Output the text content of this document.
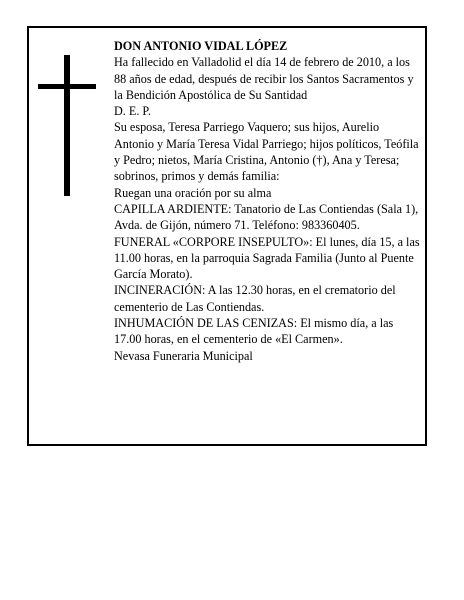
DON ANTONIO VIDAL LÓPEZ

Ha fallecido en Valladolid el día 14 de febrero de 2010, a los 88 años de edad, después de recibir los Santos Sacramentos y la Bendición Apostólica de Su Santidad

D. E. P.

Su esposa, Teresa Parriego Vaquero; sus hijos, Aurelio Antonio y María Teresa Vidal Parriego; hijos políticos, Teófila y Pedro; nietos, María Cristina, Antonio (†), Ana y Teresa; sobrinos, primos y demás familia:

Ruegan una oración por su alma

CAPILLA ARDIENTE: Tanatorio de Las Contiendas (Sala 1), Avda. de Gijón, número 71. Teléfono: 983360405.

FUNERAL «CORPORE INSEPULTO»: El lunes, día 15, a las 11.00 horas, en la parroquia Sagrada Familia (Junto al Puente García Morato).

INCINERACIÓN: A las 12.30 horas, en el crematorio del cementerio de Las Contiendas.

INHUMACIÓN DE LAS CENIZAS: El mismo día, a las 17.00 horas, en el cementerio de «El Carmen».

Nevasa Funeraria Municipal
